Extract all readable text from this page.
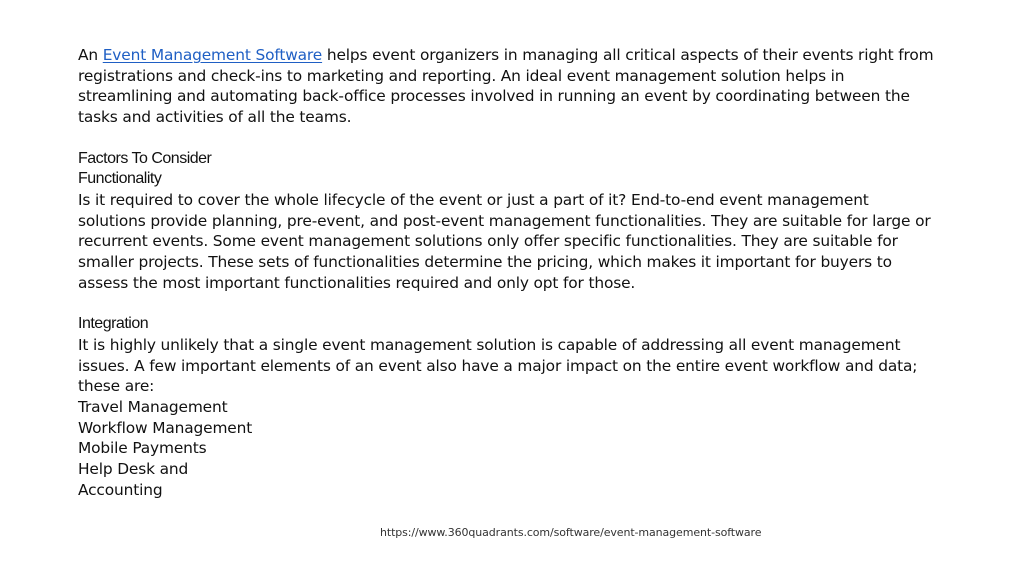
An Event Management Software helps event organizers in managing all critical aspects of their events right from registrations and check-ins to marketing and reporting. An ideal event management solution helps in streamlining and automating back-office processes involved in running an event by coordinating between the tasks and activities of all the teams.

Factors To Consider

Functionality

Is it required to cover the whole lifecycle of the event or just a part of it? End-to-end event management solutions provide planning, pre-event, and post-event management functionalities. They are suitable for large or recurrent events. Some event management solutions only offer specific functionalities. They are suitable for smaller projects. These sets of functionalities determine the pricing, which makes it important for buyers to assess the most important functionalities required and only opt for those.

Integration

It is highly unlikely that a single event management solution is capable of addressing all event management issues. A few important elements of an event also have a major impact on the entire event workflow and data; these are:

Travel Management
Workflow Management
Mobile Payments
Help Desk and
Accounting
https://www.360quadrants.com/software/event-management-software
